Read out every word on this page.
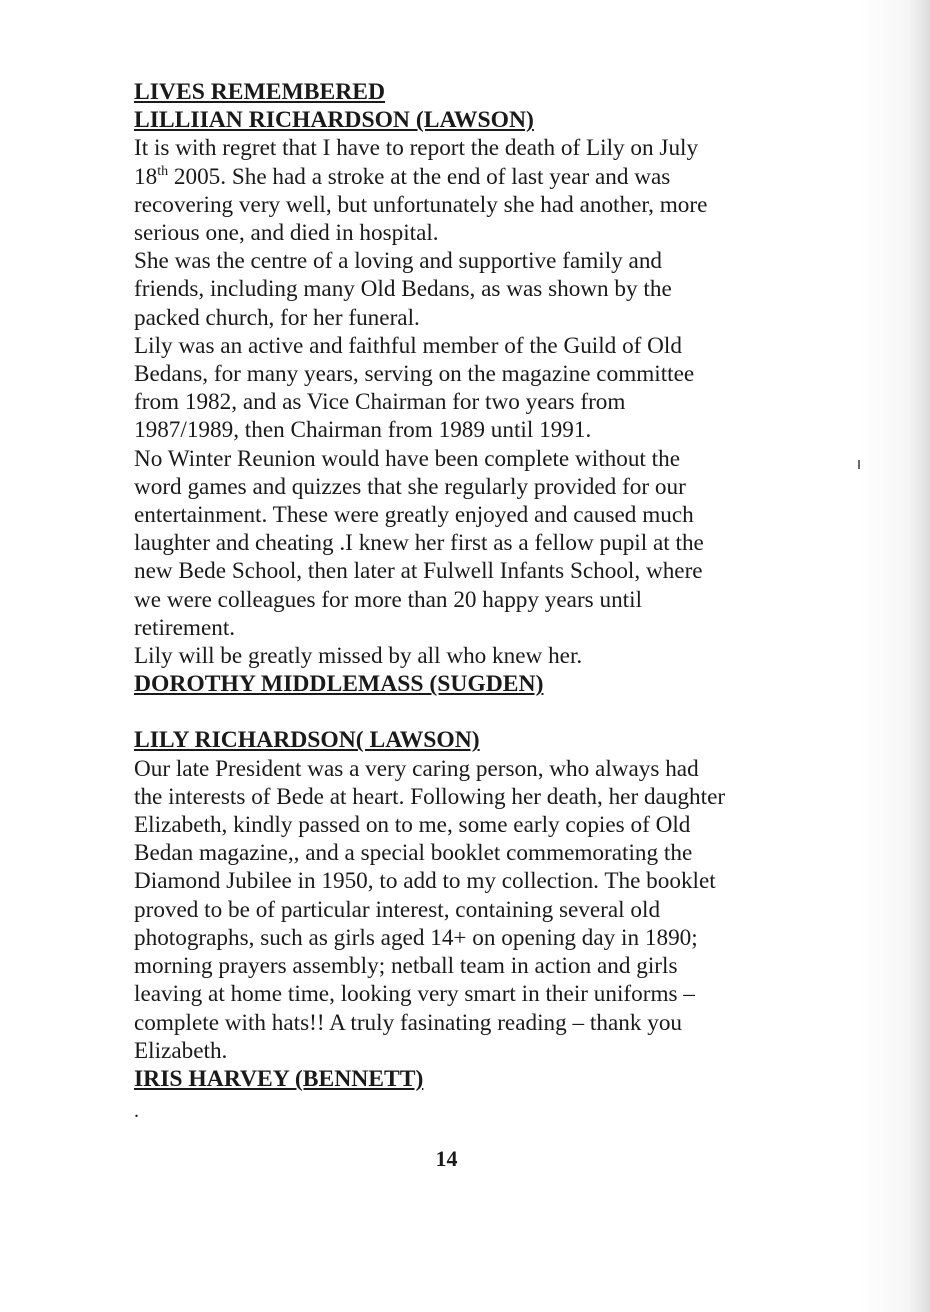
LIVES REMEMBERED

LILLIIAN RICHARDSON (LAWSON)

It is with regret that I have to report the death of Lily on July

18th 2005. She had a stroke at the end of last year and was

recovering very well, but unfortunately she had another, more

serious one, and died in hospital.

She was the centre of a loving and supportive family and

friends, including many Old Bedans, as was shown by the

packed church, for her funeral.

Lily was an active and faithful member of the Guild of Old

Bedans, for many years, serving on the magazine committee

from 1982, and as Vice Chairman for two years from

1987/1989, then Chairman from 1989 until 1991.

No Winter Reunion would have been complete without the

word games and quizzes that she regularly provided for our

entertainment. These were greatly enjoyed and caused much

laughter and cheating .I knew her first as a fellow pupil at the

new Bede School, then later at Fulwell Infants School, where

we were colleagues for more than 20 happy years until

retirement.

Lily will be greatly missed by all who knew her.

DOROTHY MIDDLEMASS (SUGDEN)

LILY RICHARDSON( LAWSON)

Our late President was a very caring person, who always had

the interests of Bede at heart. Following her death, her daughter

Elizabeth, kindly passed on to me, some early copies of Old

Bedan magazine,, and a special booklet commemorating the

Diamond Jubilee in 1950, to add to my collection. The booklet

proved to be of particular interest, containing several old

photographs, such as girls aged 14+ on opening day in 1890;

morning prayers assembly; netball team in action and girls

leaving at home time, looking very smart in their uniforms –

complete with hats!! A truly fasinating reading – thank you

Elizabeth.

IRIS HARVEY (BENNETT)

.
14
